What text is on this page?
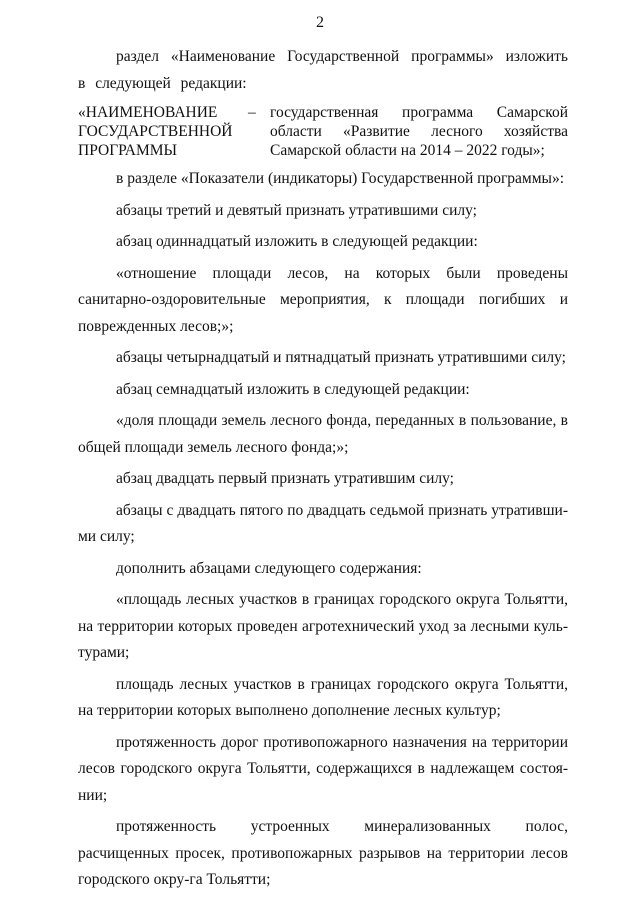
2

раздел «Наименование Государственной программы» изложить в следующей редакции:

«НАИМЕНОВАНИЕ
ГОСУДАРСТВЕННОЙ
ПРОГРАММЫ
– государственная программа Самарской области «Развитие лесного хозяйства Самарской области на 2014 – 2022 годы»;

в разделе «Показатели (индикаторы) Государственной программы»:

абзацы третий и девятый признать утратившими силу;

абзац одиннадцатый изложить в следующей редакции:

«отношение площади лесов, на которых были проведены санитарно-оздоровительные мероприятия, к площади погибших и поврежденных лесов;»;

абзацы четырнадцатый и пятнадцатый признать утратившими силу;

абзац семнадцатый изложить в следующей редакции:

«доля площади земель лесного фонда, переданных в пользование, в общей площади земель лесного фонда;»;

абзац двадцать первый признать утратившим силу;

абзацы с двадцать пятого по двадцать седьмой признать утративши-ми силу;

дополнить абзацами следующего содержания:

«площадь лесных участков в границах городского округа Тольятти, на территории которых проведен агротехнический уход за лесными куль-турами;

площадь лесных участков в границах городского округа Тольятти, на территории которых выполнено дополнение лесных культур;

протяженность дорог противопожарного назначения на территории лесов городского округа Тольятти, содержащихся в надлежащем состоя-нии;

протяженность устроенных минерализованных полос, расчищенных просек, противопожарных разрывов на территории лесов городского окру-га Тольятти;
